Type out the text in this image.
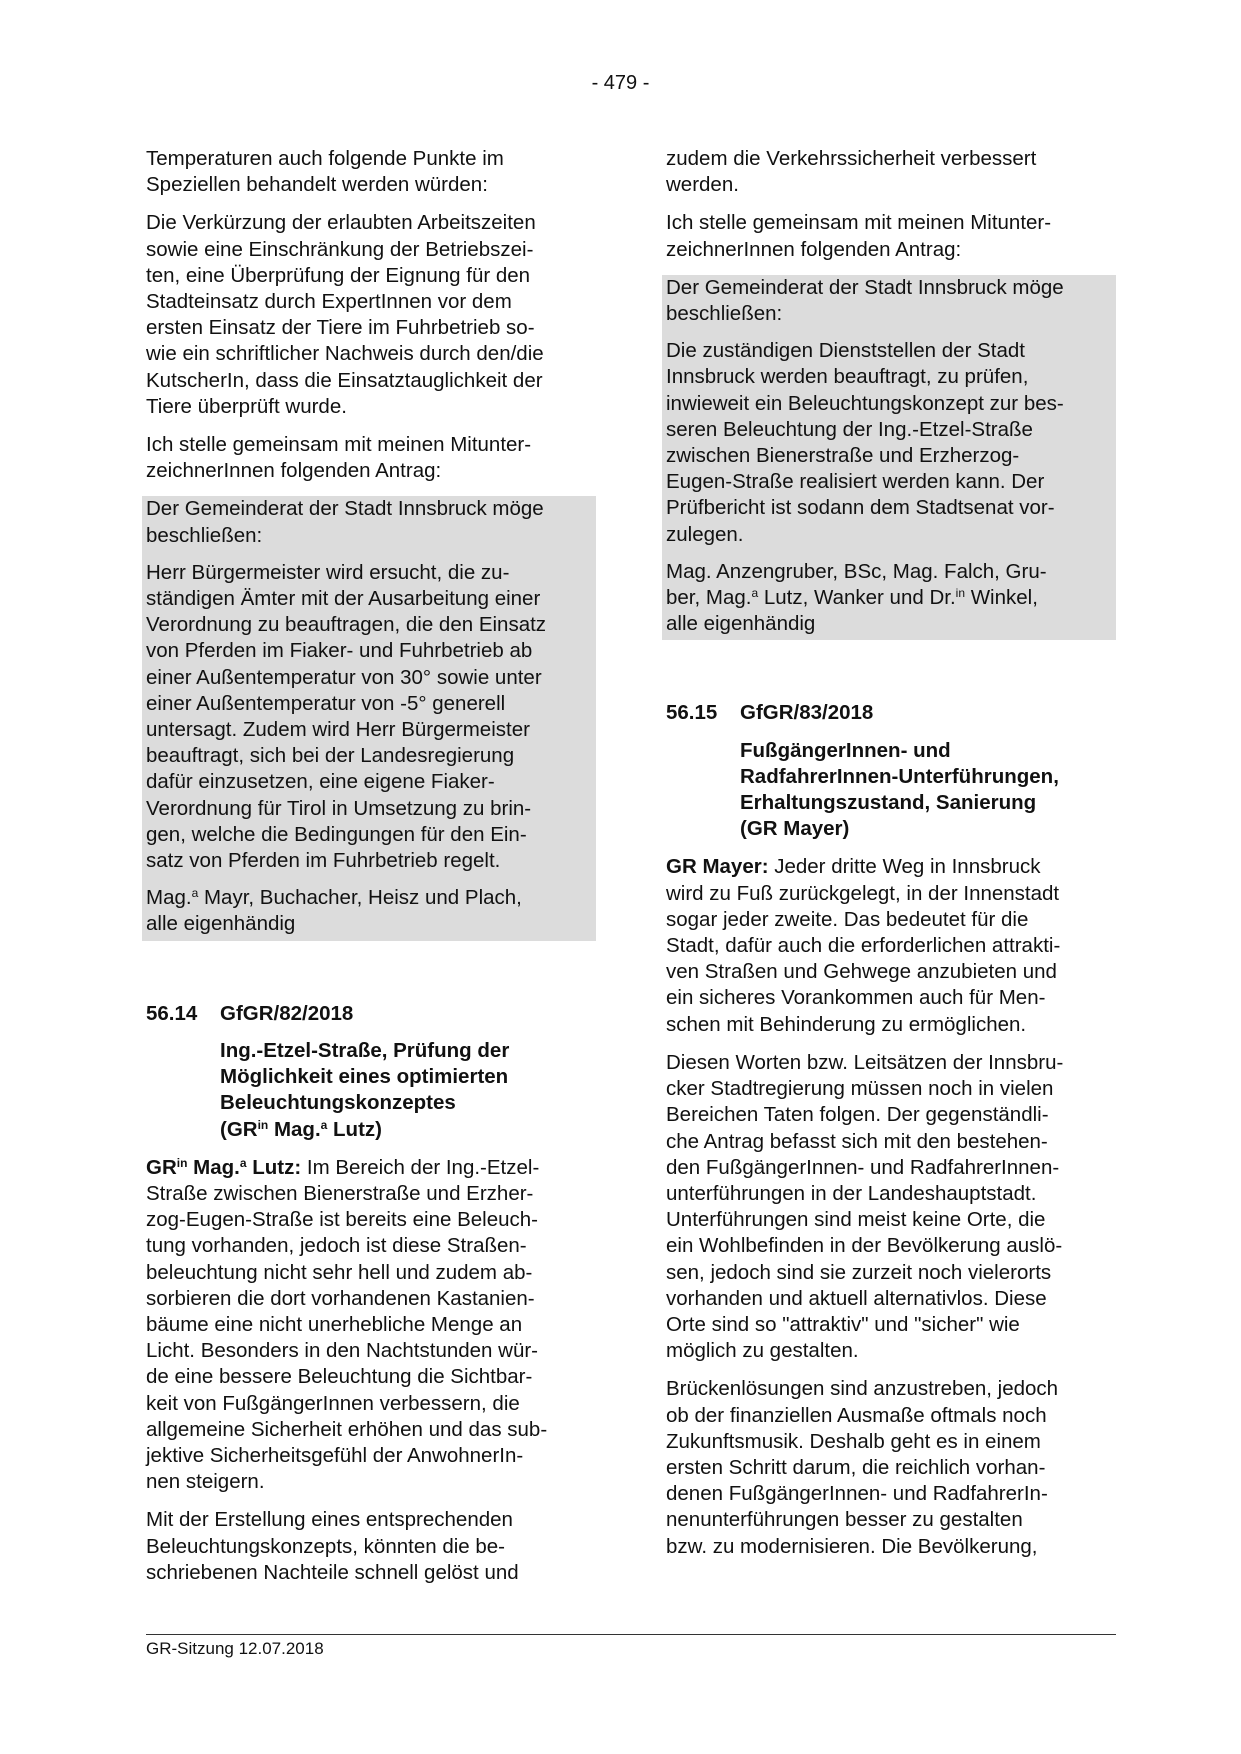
- 479 -

Temperaturen auch folgende Punkte im
Speziellen behandelt werden würden:

Die Verkürzung der erlaubten Arbeitszeiten
sowie eine Einschränkung der Betriebszei-
ten, eine Überprüfung der Eignung für den
Stadteinsatz durch ExpertInnen vor dem
ersten Einsatz der Tiere im Fuhrbetrieb so-
wie ein schriftlicher Nachweis durch den/die
KutscherIn, dass die Einsatztauglichkeit der
Tiere überprüft wurde.

Ich stelle gemeinsam mit meinen Mitunter-
zeichnerInnen folgenden Antrag:

Der Gemeinderat der Stadt Innsbruck möge
beschließen:

Herr Bürgermeister wird ersucht, die zu-
ständigen Ämter mit der Ausarbeitung einer
Verordnung zu beauftragen, die den Einsatz
von Pferden im Fiaker- und Fuhrbetrieb ab
einer Außentemperatur von 30° sowie unter
einer Außentemperatur von -5° generell
untersagt. Zudem wird Herr Bürgermeister
beauftragt, sich bei der Landesregierung
dafür einzusetzen, eine eigene Fiaker-
Verordnung für Tirol in Umsetzung zu brin-
gen, welche die Bedingungen für den Ein-
satz von Pferden im Fuhrbetrieb regelt.

Mag.$^a$ Mayr, Buchacher, Heisz und Plach,
alle eigenhändig

56.14 GfGR/82/2018
Ing.-Etzel-Straße, Prüfung der
Möglichkeit eines optimierten
Beleuchtungskonzeptes
($GR^{in}$ Mag.$^a$ Lutz)

$GR^{in}$ Mag.$^a$ Lutz: Im Bereich der Ing.-Etzel-
Straße zwischen Bienerstraße und Erzher-
zog-Eugen-Straße ist bereits eine Beleuch-
tung vorhanden, jedoch ist diese Straßen-
beleuchtung nicht sehr hell und zudem ab-
sorbieren die dort vorhandenen Kastanien-
bäume eine nicht unerhebliche Menge an
Licht. Besonders in den Nachtstunden wür-
de eine bessere Beleuchtung die Sichtbar-
keit von FußgängerInnen verbessern, die
allgemeine Sicherheit erhöhen und das sub-
jektive Sicherheitsgefühl der AnwohnerIn-
nen steigern.

Mit der Erstellung eines entsprechenden
Beleuchtungskonzepts, könnten die be-
schriebenen Nachteile schnell gelöst und

zudem die Verkehrssicherheit verbessert
werden.

Ich stelle gemeinsam mit meinen Mitunter-
zeichnerInnen folgenden Antrag:

Der Gemeinderat der Stadt Innsbruck möge
beschließen:

Die zuständigen Dienststellen der Stadt
Innsbruck werden beauftragt, zu prüfen,
inwieweit ein Beleuchtungskonzept zur bes-
seren Beleuchtung der Ing.-Etzel-Straße
zwischen Bienerstraße und Erzherzog-
Eugen-Straße realisiert werden kann. Der
Prüfbericht ist sodann dem Stadtsenat vor-
zulegen.

Mag. Anzengruber, BSc, Mag. Falch, Gru-
ber, Mag.$^a$ Lutz, Wanker und Dr.$^{in}$ Winkel,
alle eigenhändig

56.15 GfGR/83/2018
FußgängerInnen- und
RadfahrerInnen-Unterführungen,
Erhaltungszustand, Sanierung
(GR Mayer)

GR Mayer: Jeder dritte Weg in Innsbruck
wird zu Fuß zurückgelegt, in der Innenstadt
sogar jeder zweite. Das bedeutet für die
Stadt, dafür auch die erforderlichen attrakti-
ven Straßen und Gehwege anzubieten und
ein sicheres Vorankommen auch für Men-
schen mit Behinderung zu ermöglichen.

Diesen Worten bzw. Leitsätzen der Innsbru-
cker Stadtregierung müssen noch in vielen
Bereichen Taten folgen. Der gegenständli-
che Antrag befasst sich mit den bestehen-
den FußgängerInnen- und RadfahrerInnen-
unterführungen in der Landeshauptstadt.
Unterführungen sind meist keine Orte, die
ein Wohlbefinden in der Bevölkerung auslö-
sen, jedoch sind sie zurzeit noch vielerorts
vorhanden und aktuell alternativlos. Diese
Orte sind so "attraktiv" und "sicher" wie
möglich zu gestalten.

Brückenlösungen sind anzustreben, jedoch
ob der finanziellen Ausmaße oftmals noch
Zukunftsmusik. Deshalb geht es in einem
ersten Schritt darum, die reichlich vorhan-
denen FußgängerInnen- und RadfahrerIn-
nenunterführungen besser zu gestalten
bzw. zu modernisieren. Die Bevölkerung,

GR-Sitzung 12.07.2018
